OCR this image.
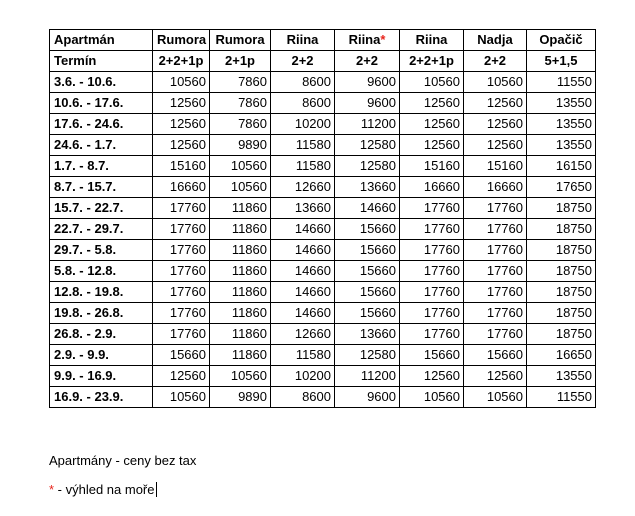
Apartmán	Rumora	Rumora	Riina	Riina*	Riina	Nadja	Opačič
Termín	2+2+1p	2+1p	2+2	2+2	2+2+1p	2+2	5+1,5
3.6. - 10.6.	10560	7860	8600	9600	10560	10560	11550
10.6. - 17.6.	12560	7860	8600	9600	12560	12560	13550
17.6. - 24.6.	12560	7860	10200	11200	12560	12560	13550
24.6. - 1.7.	12560	9890	11580	12580	12560	12560	13550
1.7. - 8.7.	15160	10560	11580	12580	15160	15160	16150
8.7. - 15.7.	16660	10560	12660	13660	16660	16660	17650
15.7. - 22.7.	17760	11860	13660	14660	17760	17760	18750
22.7. - 29.7.	17760	11860	14660	15660	17760	17760	18750
29.7. - 5.8.	17760	11860	14660	15660	17760	17760	18750
5.8. - 12.8.	17760	11860	14660	15660	17760	17760	18750
12.8. - 19.8.	17760	11860	14660	15660	17760	17760	18750
19.8. - 26.8.	17760	11860	14660	15660	17760	17760	18750
26.8. - 2.9.	17760	11860	12660	13660	17760	17760	18750
2.9. - 9.9.	15660	11860	11580	12580	15660	15660	16650
9.9. - 16.9.	12560	10560	10200	11200	12560	12560	13550
16.9. - 23.9.	10560	9890	8600	9600	10560	10560	11550
Apartmány - ceny bez tax
* - výhled na moře
